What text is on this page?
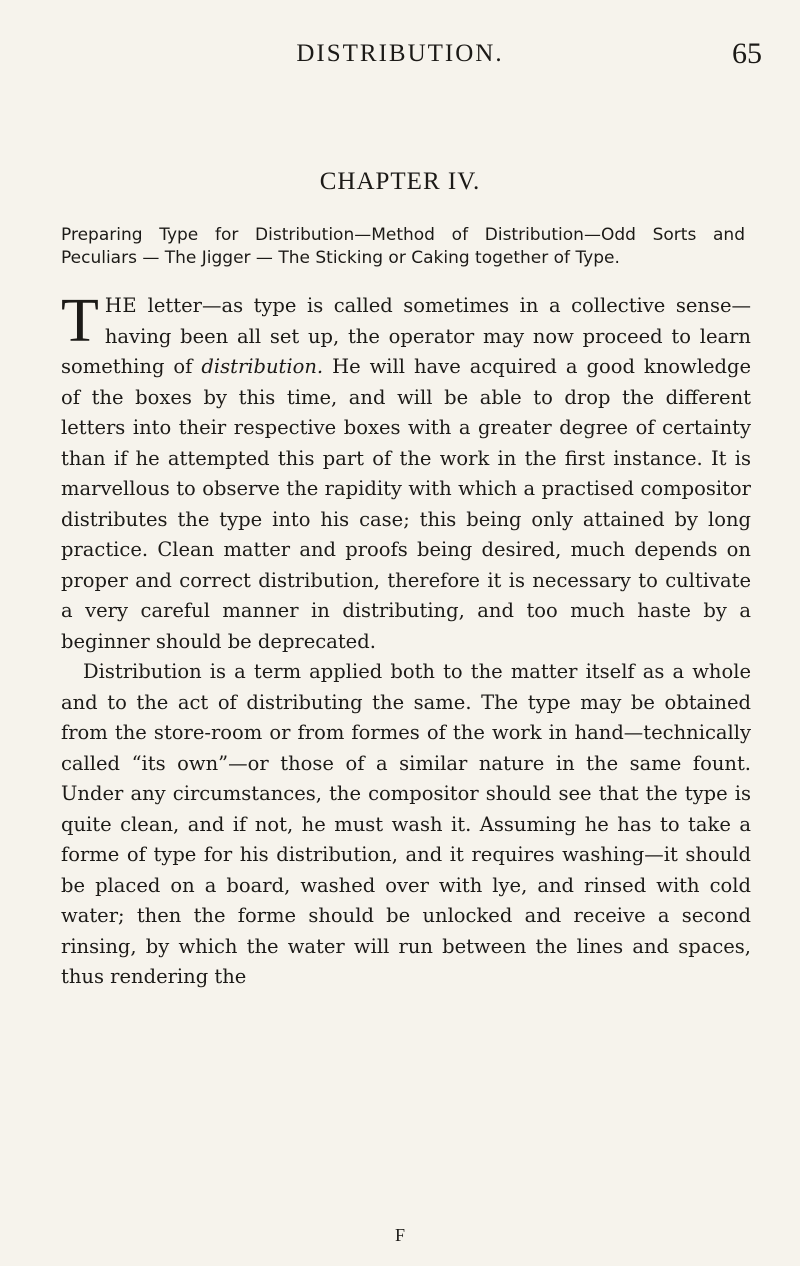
DISTRIBUTION.	65
CHAPTER IV.
Preparing Type for Distribution—Method of Distribution—Odd Sorts and Peculiars — The Jigger — The Sticking or Caking together of Type.

THE letter—as type is called sometimes in a collective sense—having been all set up, the operator may now proceed to learn something of distribution. He will have acquired a good knowledge of the boxes by this time, and will be able to drop the different letters into their respective boxes with a greater degree of certainty than if he attempted this part of the work in the first instance. It is marvellous to observe the rapidity with which a practised compositor distributes the type into his case; this being only attained by long practice. Clean matter and proofs being desired, much depends on proper and correct distribution, therefore it is necessary to cultivate a very careful manner in distributing, and too much haste by a beginner should be deprecated.

Distribution is a term applied both to the matter itself as a whole and to the act of distributing the same. The type may be obtained from the store-room or from formes of the work in hand—technically called “its own”—or those of a similar nature in the same fount. Under any circumstances, the compositor should see that the type is quite clean, and if not, he must wash it. Assuming he has to take a forme of type for his distribution, and it requires washing—it should be placed on a board, washed over with lye, and rinsed with cold water; then the forme should be unlocked and receive a second rinsing, by which the water will run between the lines and spaces, thus rendering the

F
